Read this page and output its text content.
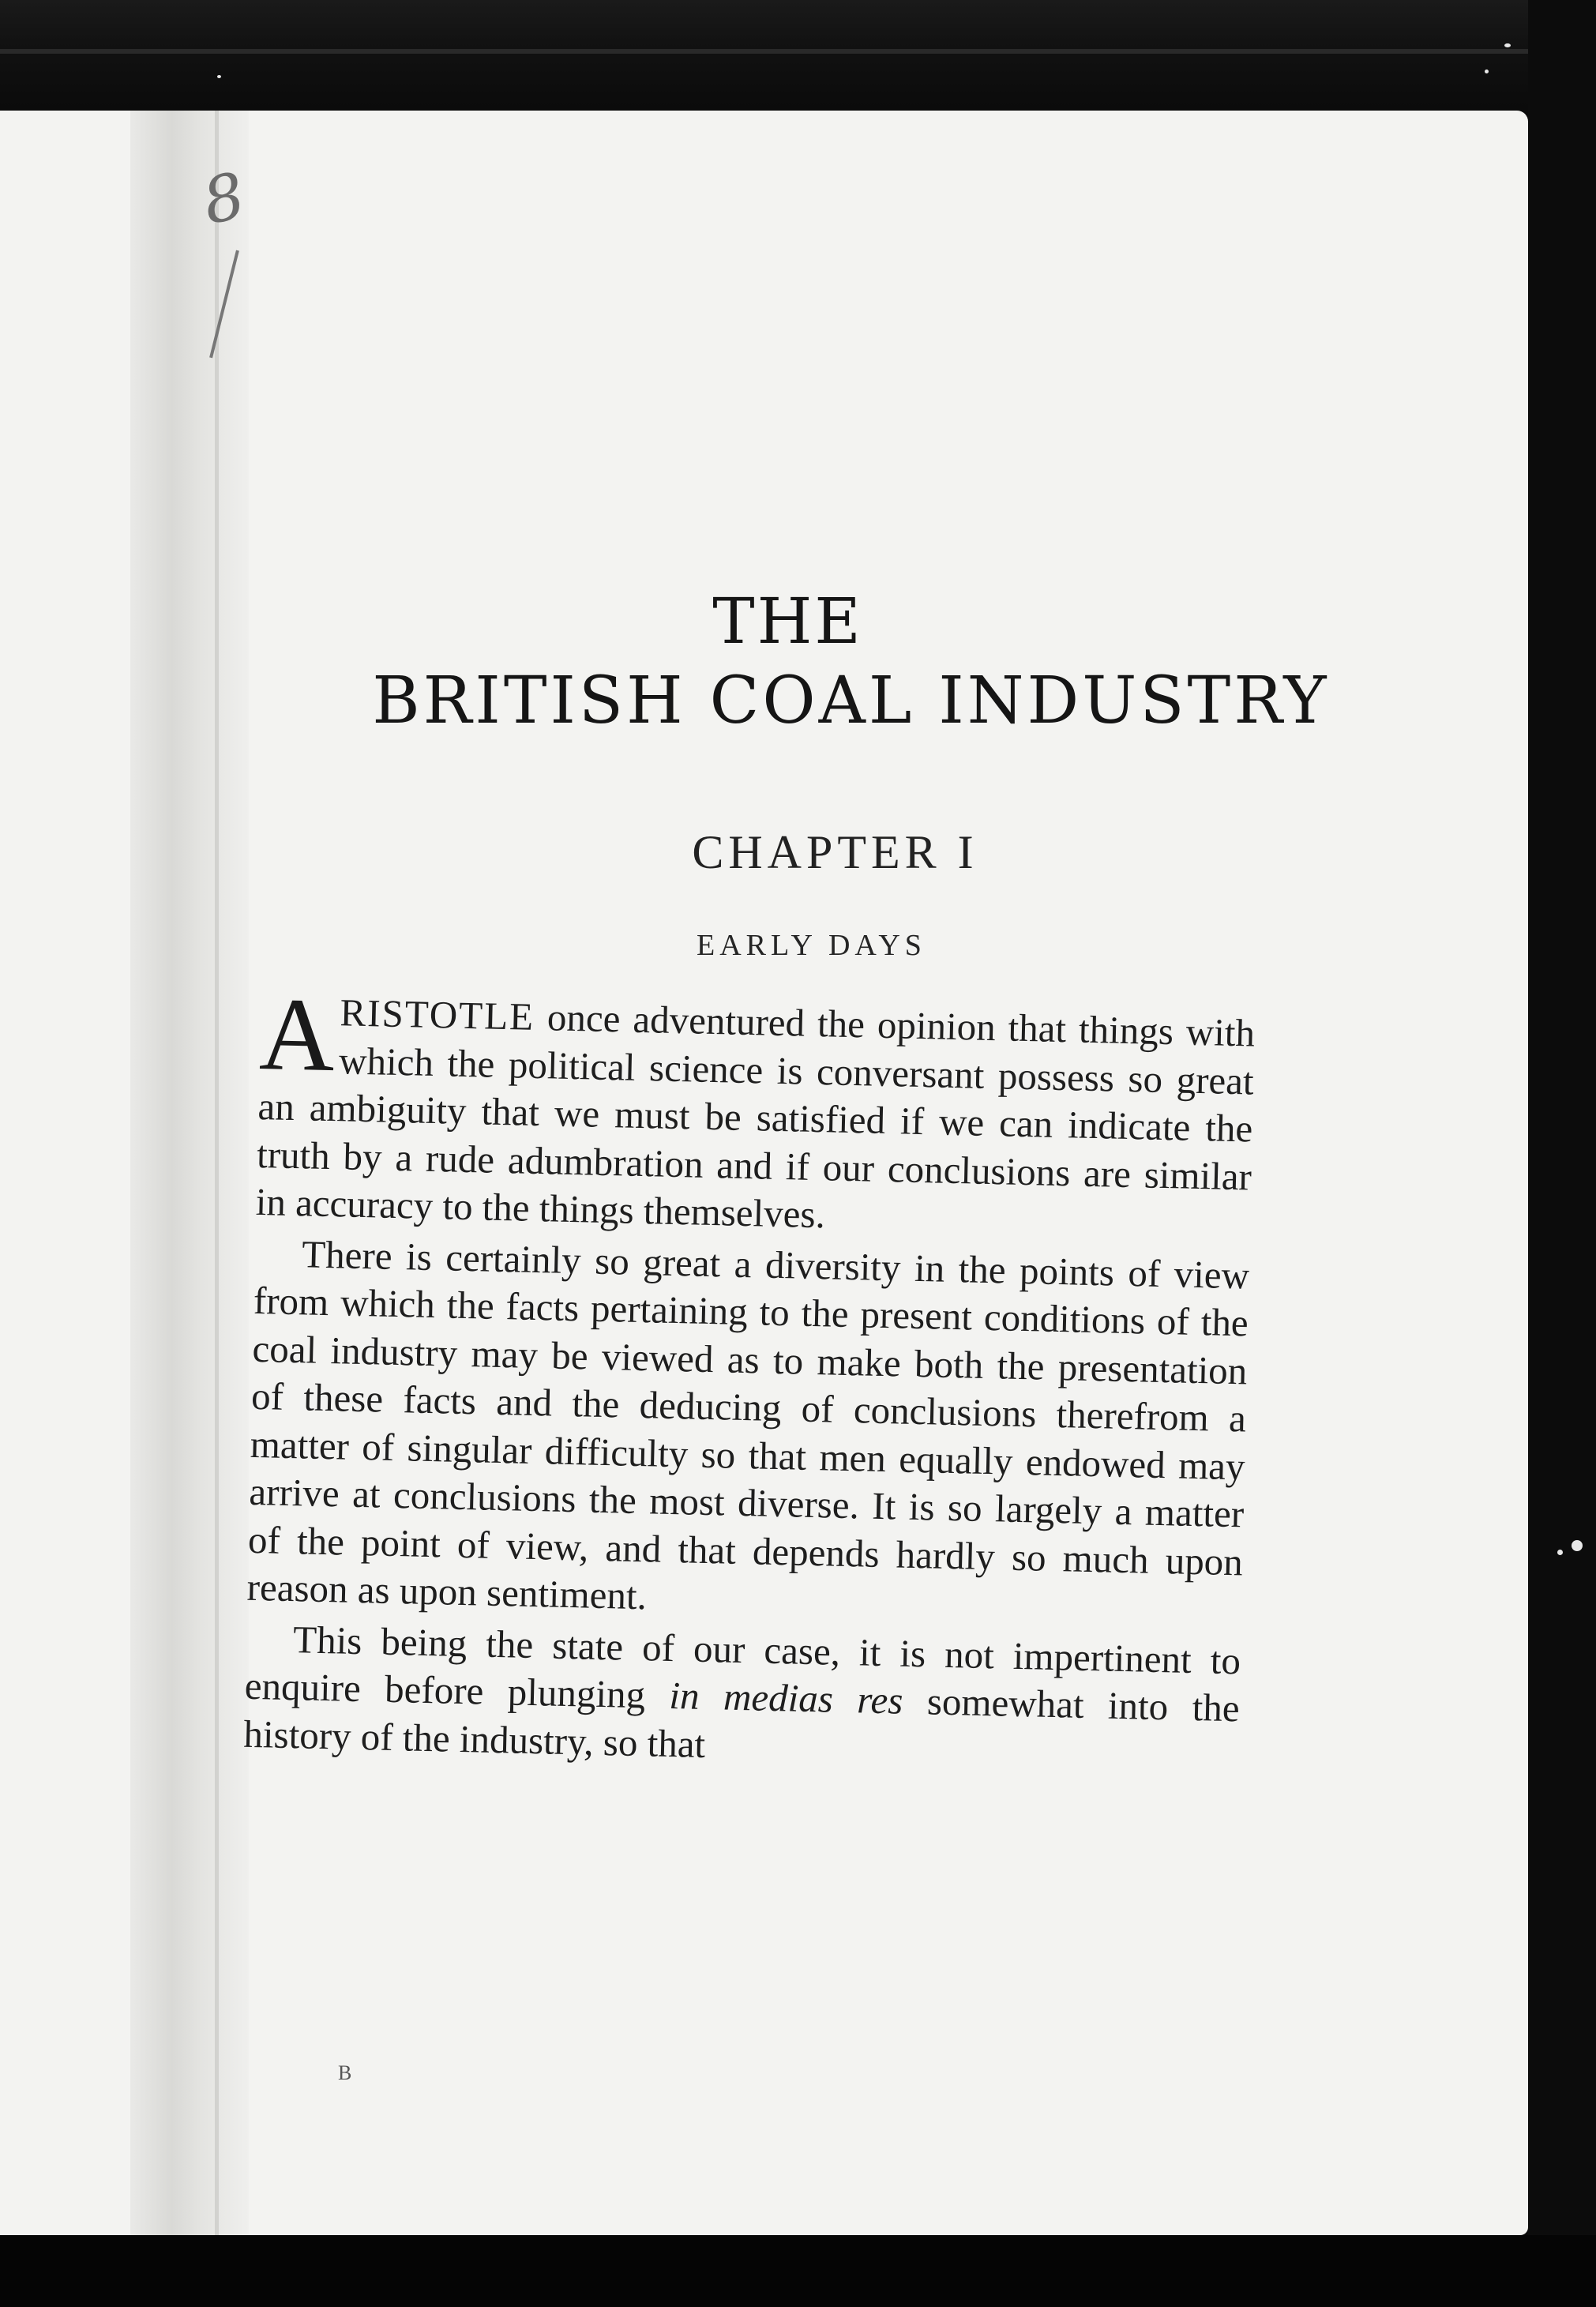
8
THE
BRITISH COAL INDUSTRY
CHAPTER I
EARLY DAYS

ARISTOTLE once adventured the opinion that things with which the political science is conversant possess so great an ambiguity that we must be satisfied if we can indicate the truth by a rude adumbration and if our conclusions are similar in accuracy to the things themselves.

There is certainly so great a diversity in the points of view from which the facts pertaining to the present conditions of the coal industry may be viewed as to make both the presentation of these facts and the deducing of conclusions therefrom a matter of singular difficulty so that men equally endowed may arrive at conclusions the most diverse. It is so largely a matter of the point of view, and that depends hardly so much upon reason as upon sentiment.

This being the state of our case, it is not impertinent to enquire before plunging in medias res somewhat into the history of the industry, so that

B
